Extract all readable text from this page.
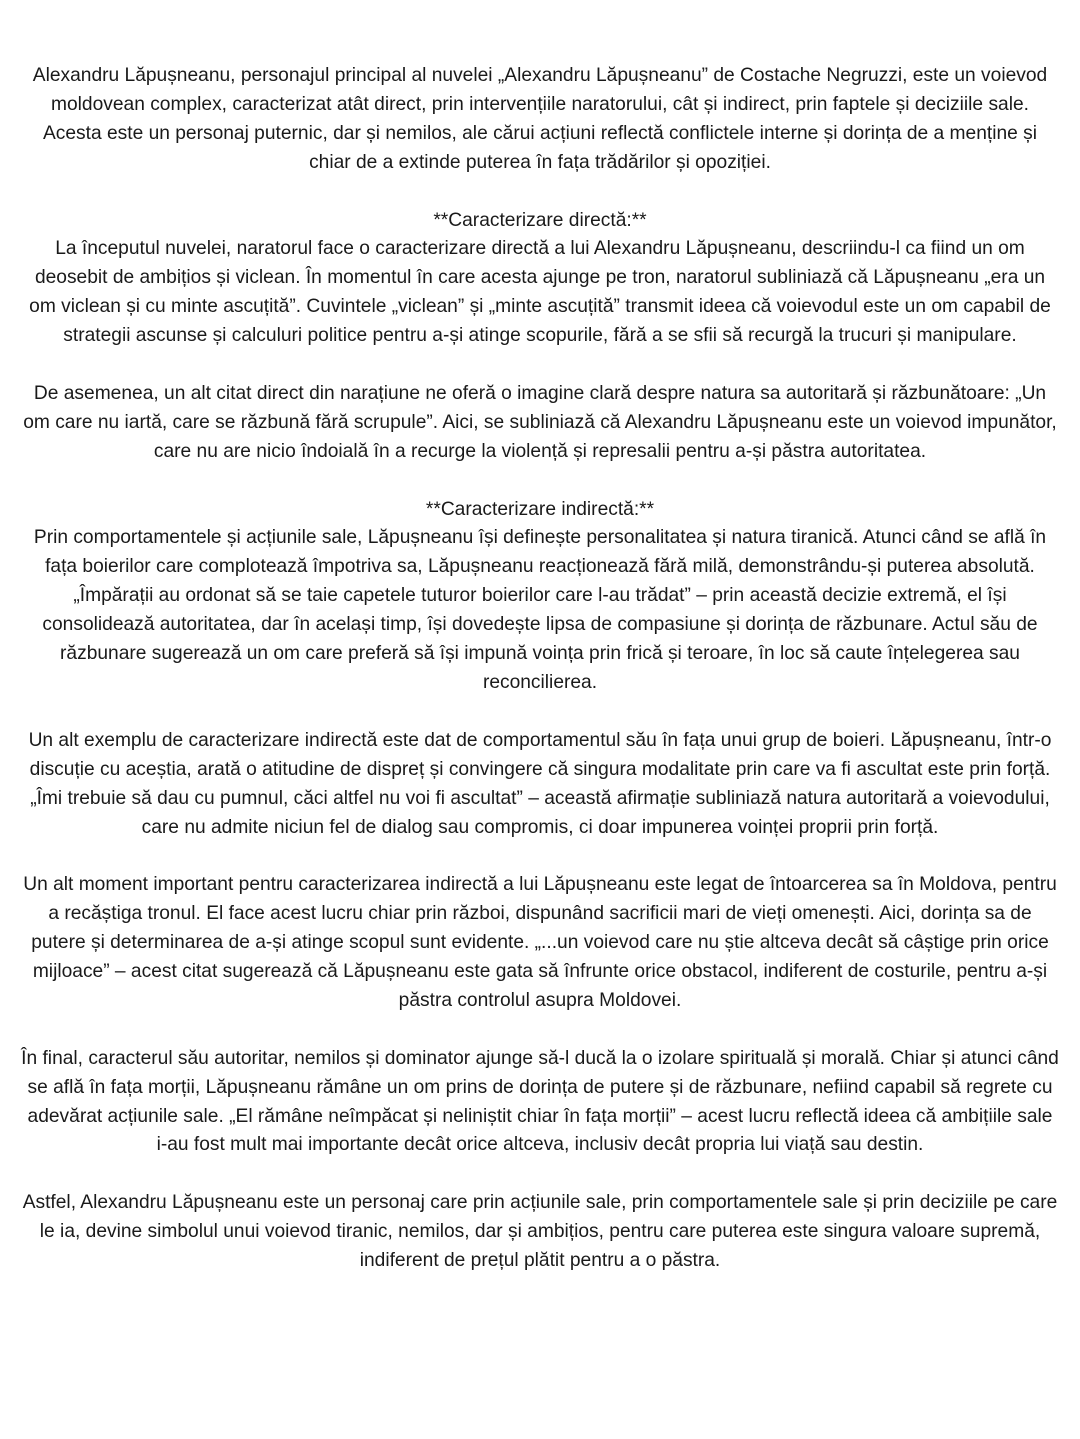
Alexandru Lăpușneanu, personajul principal al nuvelei „Alexandru Lăpușneanu” de Costache Negruzzi, este un voievod moldovean complex, caracterizat atât direct, prin intervențiile naratorului, cât și indirect, prin faptele și deciziile sale. Acesta este un personaj puternic, dar și nemilos, ale cărui acțiuni reflectă conflictele interne și dorința de a menține și chiar de a extinde puterea în fața trădărilor și opoziției.

**Caracterizare directă:**
La începutul nuvelei, naratorul face o caracterizare directă a lui Alexandru Lăpușneanu, descriindu-l ca fiind un om deosebit de ambițios și viclean. În momentul în care acesta ajunge pe tron, naratorul subliniază că Lăpușneanu „era un om viclean și cu minte ascuțită”. Cuvintele „viclean” și „minte ascuțită” transmit ideea că voievodul este un om capabil de strategii ascunse și calculuri politice pentru a-și atinge scopurile, fără a se sfii să recurgă la trucuri și manipulare.

De asemenea, un alt citat direct din narațiune ne oferă o imagine clară despre natura sa autoritară și răzbunătoare: „Un om care nu iartă, care se răzbună fără scrupule”. Aici, se subliniază că Alexandru Lăpușneanu este un voievod impunător, care nu are nicio îndoială în a recurge la violență și represalii pentru a-și păstra autoritatea.

**Caracterizare indirectă:**
Prin comportamentele și acțiunile sale, Lăpușneanu își definește personalitatea și natura tiranică. Atunci când se află în fața boierilor care complotează împotriva sa, Lăpușneanu reacționează fără milă, demonstrându-și puterea absolută. „Împărații au ordonat să se taie capetele tuturor boierilor care l-au trădat” – prin această decizie extremă, el își consolidează autoritatea, dar în același timp, își dovedește lipsa de compasiune și dorința de răzbunare. Actul său de răzbunare sugerează un om care preferă să își impună voința prin frică și teroare, în loc să caute înțelegerea sau reconcilierea.

Un alt exemplu de caracterizare indirectă este dat de comportamentul său în fața unui grup de boieri. Lăpușneanu, într-o discuție cu aceștia, arată o atitudine de dispreț și convingere că singura modalitate prin care va fi ascultat este prin forță. „Îmi trebuie să dau cu pumnul, căci altfel nu voi fi ascultat” – această afirmație subliniază natura autoritară a voievodului, care nu admite niciun fel de dialog sau compromis, ci doar impunerea voinței proprii prin forță.

Un alt moment important pentru caracterizarea indirectă a lui Lăpușneanu este legat de întoarcerea sa în Moldova, pentru a recăștiga tronul. El face acest lucru chiar prin război, dispunând sacrificii mari de vieți omenești. Aici, dorința sa de putere și determinarea de a-și atinge scopul sunt evidente. „...un voievod care nu știe altceva decât să câștige prin orice mijloace” – acest citat sugerează că Lăpușneanu este gata să înfrunte orice obstacol, indiferent de costurile, pentru a-și păstra controlul asupra Moldovei.

În final, caracterul său autoritar, nemilos și dominator ajunge să-l ducă la o izolare spirituală și morală. Chiar și atunci când se află în fața morții, Lăpușneanu rămâne un om prins de dorința de putere și de răzbunare, nefiind capabil să regrete cu adevărat acțiunile sale. „El rămâne neîmpăcat și neliniștit chiar în fața morții” – acest lucru reflectă ideea că ambițiile sale i-au fost mult mai importante decât orice altceva, inclusiv decât propria lui viață sau destin.

Astfel, Alexandru Lăpușneanu este un personaj care prin acțiunile sale, prin comportamentele sale și prin deciziile pe care le ia, devine simbolul unui voievod tiranic, nemilos, dar și ambițios, pentru care puterea este singura valoare supremă, indiferent de prețul plătit pentru a o păstra.
